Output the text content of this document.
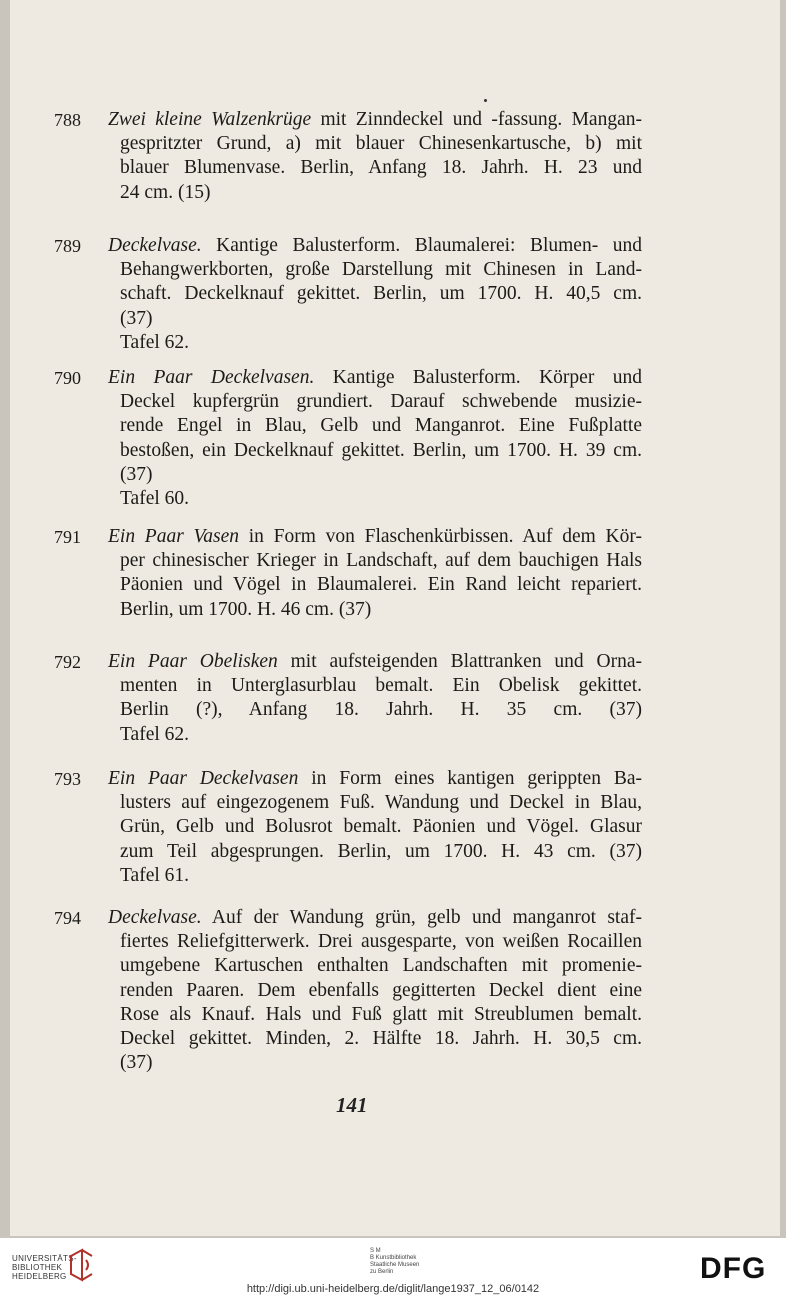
788 Zwei kleine Walzenkrüge mit Zinndeckel und -fassung. Mangan-
gespritzter Grund, a) mit blauer Chinesenkartusche, b) mit
blauer Blumenvase. Berlin, Anfang 18. Jahrh. H. 23 und
24 cm. (15)
789 Deckelvase. Kantige Balusterform. Blaumalerei: Blumen- und
Behangwerkborten, große Darstellung mit Chinesen in Land-
schaft. Deckelknauf gekittet. Berlin, um 1700. H. 40,5 cm.
(37)
Tafel 62.
790 Ein Paar Deckelvasen. Kantige Balusterform. Körper und
Deckel kupfergrün grundiert. Darauf schwebende musizie-
rende Engel in Blau, Gelb und Manganrot. Eine Fußplatte
bestoßen, ein Deckelknauf gekittet. Berlin, um 1700. H. 39 cm.
(37)
Tafel 60.
791 Ein Paar Vasen in Form von Flaschenkürbissen. Auf dem Kör-
per chinesischer Krieger in Landschaft, auf dem bauchigen Hals
Päonien und Vögel in Blaumalerei. Ein Rand leicht repariert.
Berlin, um 1700. H. 46 cm. (37)
792 Ein Paar Obelisken mit aufsteigenden Blattranken und Orna-
menten in Unterglasurblau bemalt. Ein Obelisk gekittet.
Berlin (?), Anfang 18. Jahrh. H. 35 cm. (37)
Tafel 62.
793 Ein Paar Deckelvasen in Form eines kantigen gerippten Ba-
lusters auf eingezogenem Fuß. Wandung und Deckel in Blau,
Grün, Gelb und Bolusrot bemalt. Päonien und Vögel. Glasur
zum Teil abgesprungen. Berlin, um 1700. H. 43 cm. (37)
Tafel 61.
794 Deckelvase. Auf der Wandung grün, gelb und manganrot staf-
fiertes Reliefgitterwerk. Drei ausgesparte, von weißen Rocaillen
umgebene Kartuschen enthalten Landschaften mit promenie-
renden Paaren. Dem ebenfalls gegitterten Deckel dient eine
Rose als Knauf. Hals und Fuß glatt mit Streublumen bemalt.
Deckel gekittet. Minden, 2. Hälfte 18. Jahrh. H. 30,5 cm.
(37)
141
UNIVERSITÄTS-
BIBLIOTHEK
HEIDELBERG
S M
B Kunstbibliothek
Staatliche Museen
zu Berlin	DFG
http://digi.ub.uni-heidelberg.de/diglit/lange1937_12_06/0142
